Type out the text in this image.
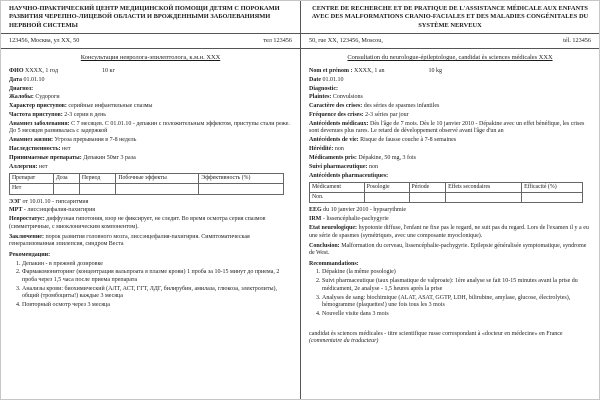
НАУЧНО-ПРАКТИЧЕСКИЙ ЦЕНТР МЕДИЦИНСКОЙ ПОМОЩИ ДЕТЯМ С ПОРОКАМИ РАЗВИТИЯ ЧЕРЕПНО-ЛИЦЕВОЙ ОБЛАСТИ И ВРОЖДЕННЫМИ ЗАБОЛЕВАНИЯМИ НЕРВНОЙ СИСТЕМЫ
CENTRE DE RECHERCHE ET DE PRATIQUE DE L'ASSISTANCE MÉDICALE AUX ENFANTS AVEC DES MALFORMATIONS CRANIO-FACIALES ET DES MALADIES CONGÉNITALES DU SYSTÈME NERVEUX
123456, Москва, ул XX, 50	тел 123456	50, rue XX, 123456, Moscou,	tél. 123456
Консультация невролога-эпилептолога, к.м.н. XXX

ФИО XXXX, 1 год	10 кг

Дата 01.01.10

Диагноз:

Жалобы: Судороги

Характер приступов: серийные инфантильные спазмы

Частота приступов: 2-3 серии в день

Анамнез заболевания: С 7 месяцев. С 01.01.10 - депакин с положительным эффектом, приступы стали реже. До 5 месяцев развивалась с задержкой

Анамнез жизни: Угроза прерывания в 7-8 недель

Наследственность: нет

Принимаемые препараты: Депакин 50мг 3 раза

Аллергия: нет

Препарат	Доза	Период	Побочные эффекты	Эффективность (%)
Нет				

ЭЭГ от 10.01.10 - гипсаритмия

МРТ - лиссэнцефалия-пахигирия

Невростатус: диффузная гипотония, взор не фиксирует, не следит. Во время осмотра серия спазмов (симметричные, с миоклоническим компонентом).

Заключение: порок развития головного мозга, лиссэнцефалия-пахигирия. Симптоматическая генерализованная эпилепсия, синдром Веста

Рекомендации:

1. Депакин - в прежней дозировке
2. Фармакомониторинг (концентрация вальпроата в плазме крови) 1 проба за 10-15 минут до приема, 2 проба через 1,5 часа после приема препарата
3. Анализы крови: биохимический (АЛТ, АСТ, ГГТ, ЛДГ, билирубин, амилаза, глюкоза, электролиты), общий (тромбоциты!) каждые 3 месяца
4. Повторный осмотр через 3 месяца
Consultation du neurologue-épileptologue, candidat ès sciences médicales XXX

Nom et prénom : XXXX, 1 an	10 kg

Date 01.01.10

Diagnostic:

Plaintes: Convulsions

Caractère des crises: des séries de spasmes infantiles

Fréquence des crises: 2-3 séries par jour

Antécédents médicaux: Dès l'âge de 7 mois. Dès le 10 janvier 2010 - Dépakine avec un effet bénéfique, les crises sont devenues plus rares. Le retard de développement observé avant l'âge d'un an

Antécédents de vie: Risque de fausse couche à 7-8 semaines

Hérédité: non

Médicaments pris: Dépakine, 50 mg, 3 fois

Suivi pharmaceutique: non

Antécédents pharmaceutiques:

Médicament	Posologie	Période	Effets secondaires	Efficacité (%)
Non.				

EEG du 10 janvier 2010 - hypsarythmie

IRM - lissencéphalie-pachygyrie

Etat neurologique: hypotonie diffuse, l'enfant ne fixe pas le regard, ne suit pas du regard. Lors de l'examen il y a eu une série de spasmes (symétriques, avec une composante myoclonique).

Conclusion: Malformation du cerveau, lissencéphalie-pachygyrie. Epilepsie généralisée symptomatique, syndrome de West.

Recommandations:

1. Dépakine (la même posologie)
2. Suivi pharmaceutique (taux plasmatique de valproate): 1ère analyse se fait 10-15 minutes avant la prise du médicament, 2e analyse - 1,5 heures après la prise
3. Analyses de sang: biochimique (ALAT, ASAT, GGTP, LDH, bilirubine, amylase, glucose, électrolytes), hémogramme (plaquettes!) une fois tous les 3 mois
4. Nouvelle visite dans 3 mois

candidat ès sciences médicales - titre scientifique russe correspondant à «docteur en médecine» en France (commentaire du traducteur)
